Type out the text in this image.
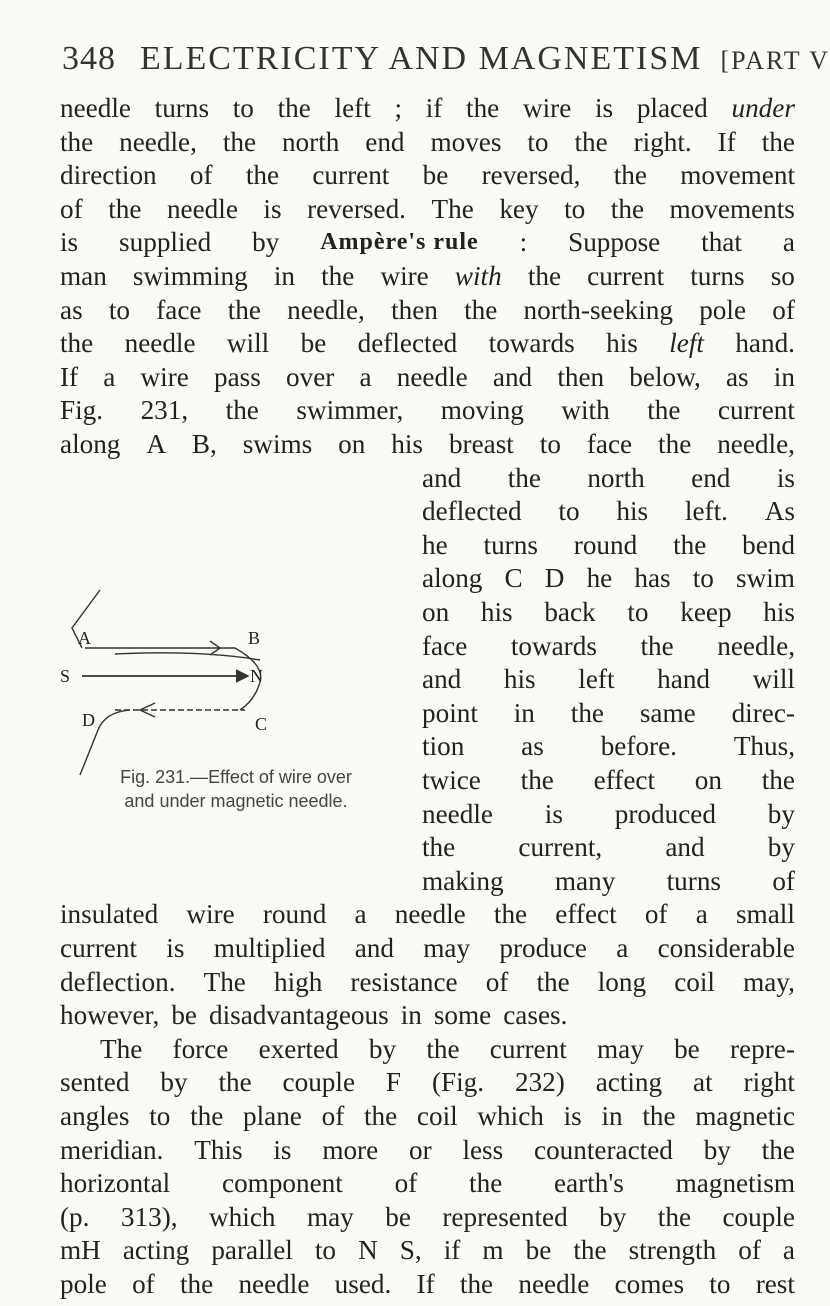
348 ELECTRICITY AND MAGNETISM [PART V
needle turns to the left ; if the wire is placed under
the needle, the north end moves to the right. If the
direction of the current be reversed, the movement
of the needle is reversed. The key to the movements
is supplied by Ampère's rule : Suppose that a
man swimming in the wire with the current turns so
as to face the needle, then the north-seeking pole of
the needle will be deflected towards his left hand.
If a wire pass over a needle and then below, as in
Fig. 231, the swimmer, moving with the current
along A B, swims on his breast to face the needle,
and the north end is
deflected to his left. As
he turns round the bend
along C D he has to swim
on his back to keep his
face towards the needle,
and his left hand will
point in the same direc-
tion as before. Thus,
twice the effect on the
needle is produced by
the current, and by
making many turns of
insulated wire round a needle the effect of a small
current is multiplied and may produce a considerable
deflection. The high resistance of the long coil may,
however, be disadvantageous in some cases.
The force exerted by the current may be repre-
sented by the couple F (Fig. 232) acting at right
angles to the plane of the coil which is in the magnetic
meridian. This is more or less counteracted by the
horizontal component of the earth's magnetism
(p. 313), which may be represented by the couple
mH acting parallel to N S, if m be the strength of a
pole of the needle used. If the needle comes to rest
A	B
S	N
D	C
Fig. 231.—Effect of wire over
and under magnetic needle.
